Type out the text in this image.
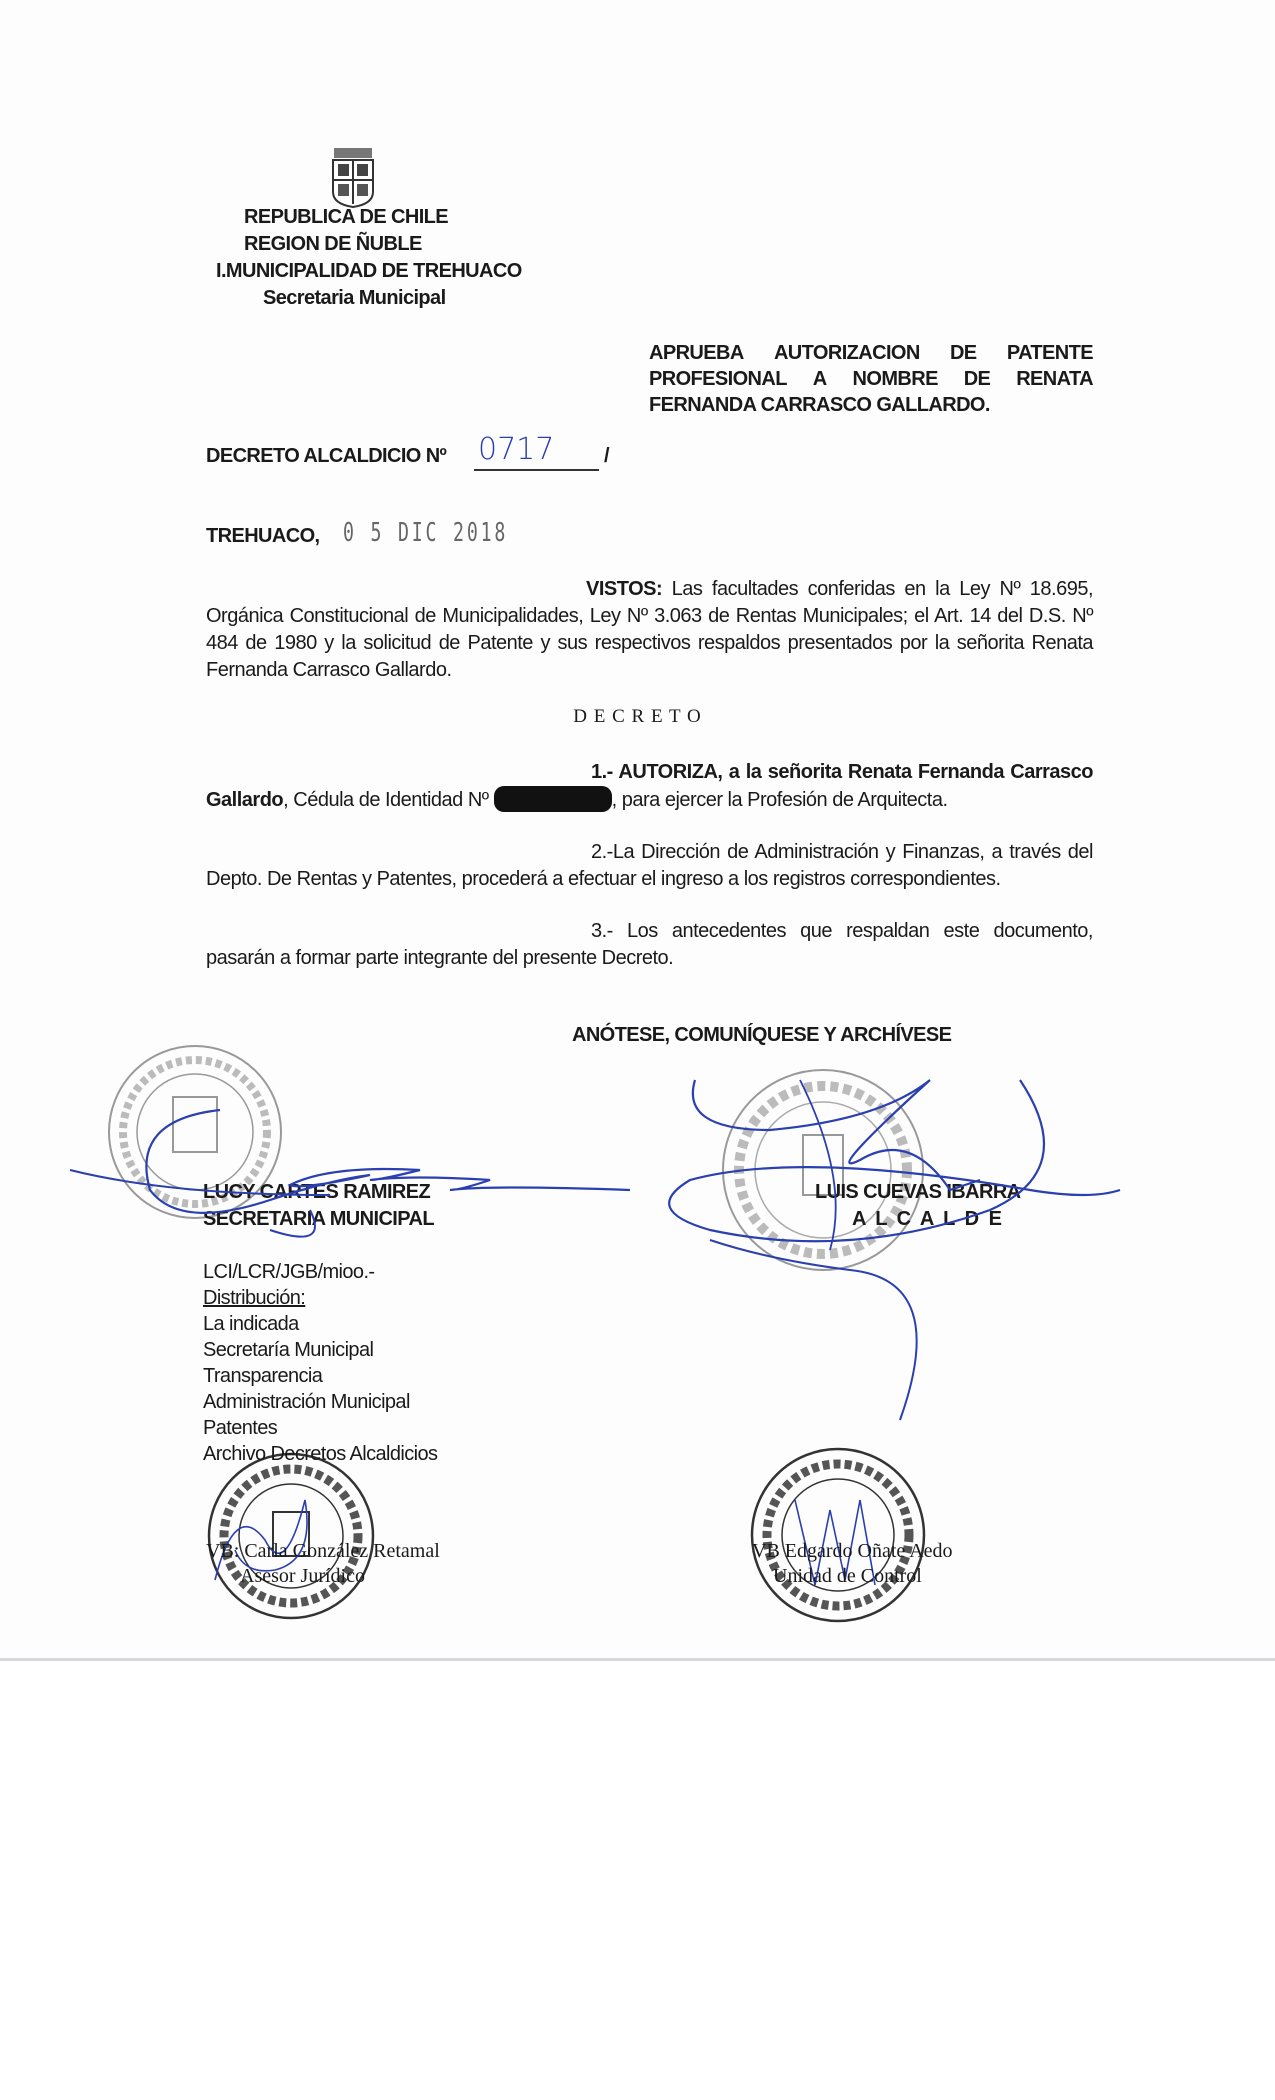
REPUBLICA DE CHILE
REGION DE ÑUBLE
I.MUNICIPALIDAD DE TREHUACO
Secretaria Municipal
APRUEBA AUTORIZACION DE PATENTE
PROFESIONAL A NOMBRE DE RENATA
FERNANDA CARRASCO GALLARDO.
DECRETO ALCALDICIO Nº 0717 /
TREHUACO, 0 5 DIC 2018
VISTOS: Las facultades conferidas en la Ley Nº 18.695, Orgánica Constitucional de Municipalidades, Ley Nº 3.063 de Rentas Municipales; el Art. 14 del D.S. Nº 484 de 1980 y la solicitud de Patente y sus respectivos respaldos presentados por la señorita Renata Fernanda Carrasco Gallardo.
D E C R E T O
1.- AUTORIZA, a la señorita Renata Fernanda Carrasco Gallardo, Cédula de Identidad Nº	, para ejercer la Profesión de Arquitecta.
2.-La Dirección de Administración y Finanzas, a través del Depto. De Rentas y Patentes, procederá a efectuar el ingreso a los registros correspondientes.
3.- Los antecedentes que respaldan este documento, pasarán a formar parte integrante del presente Decreto.
ANÓTESE, COMUNÍQUESE Y ARCHÍVESE
LUCY CARTES RAMIREZ
SECRETARIA MUNICIPAL
LUIS CUEVAS IBARRA
A L C A L D E
LCI/LCR/JGB/mioo.-
Distribución:
La indicada
Secretaría Municipal
Transparencia
Administración Municipal
Patentes
Archivo Decretos Alcaldicios
VB: Carla González Retamal
Asesor Jurídico
VB Edgardo Oñate Aedo
Unidad de Control
